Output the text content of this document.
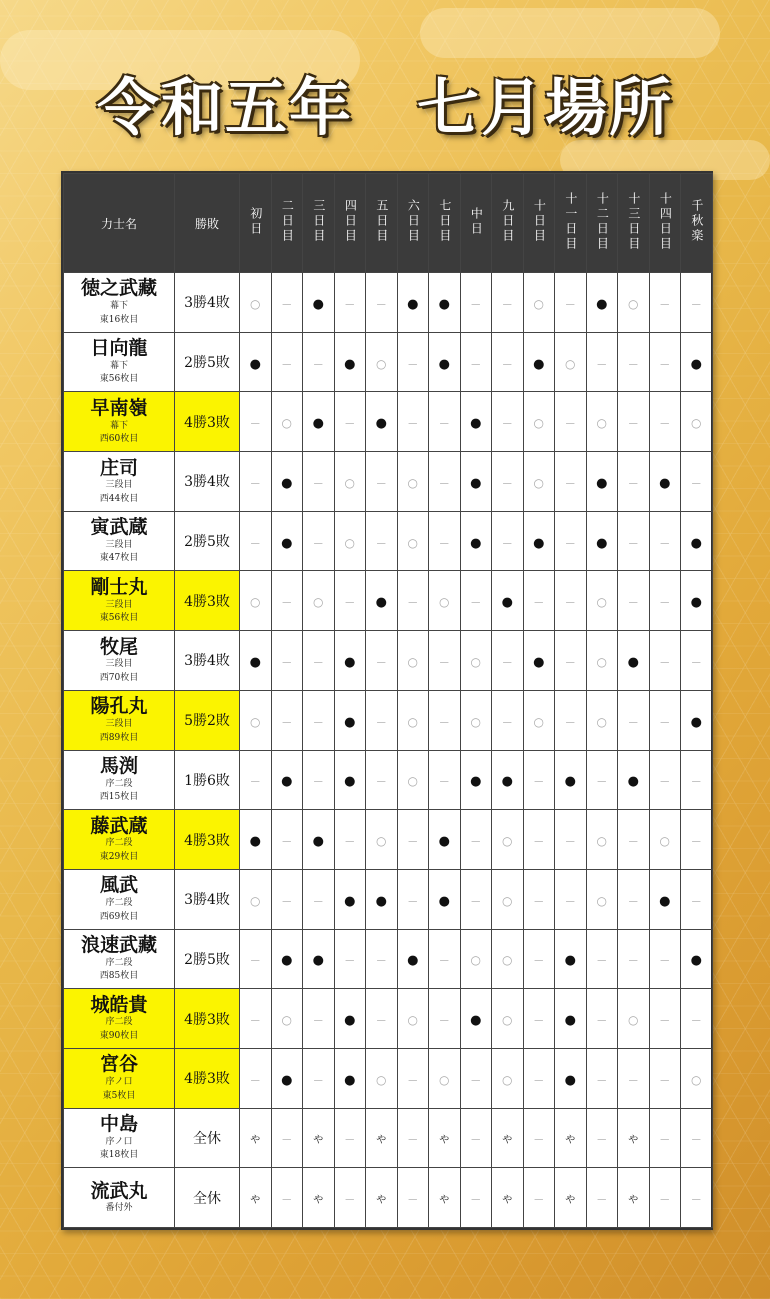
令和五年　七月場所
力士名	勝敗	初日	二日目	三日目	四日目	五日目	六日目	七日目	中日	九日目	十日目	十一日目	十二日目	十三日目	十四日目	千秋楽

徳之武藏
幕下
東16枚目	3勝4敗	○	－	●	－	－	●	●	－	－	○	－	●	○	－	－

日向龍
幕下
東56枚目	2勝5敗	●	－	－	●	○	－	●	－	－	●	○	－	－	－	●

早南嶺
幕下
西60枚目	4勝3敗	－	○	●	－	●	－	－	●	－	○	－	○	－	－	○

庄司
三段目
西44枚目	3勝4敗	－	●	－	○	－	○	－	●	－	○	－	●	－	●	－

寅武蔵
三段目
東47枚目	2勝5敗	－	●	－	○	－	○	－	●	－	●	－	●	－	－	●

剛士丸
三段目
東56枚目	4勝3敗	○	－	○	－	●	－	○	－	●	－	－	○	－	－	●

牧尾
三段目
西70枚目	3勝4敗	●	－	－	●	－	○	－	○	－	●	－	○	●	－	－

陽孔丸
三段目
西89枚目	5勝2敗	○	－	－	●	－	○	－	○	－	○	－	○	－	－	●

馬渕
序二段
西15枚目	1勝6敗	－	●	－	●	－	○	－	●	●	－	●	－	●	－	－

藤武蔵
序二段
東29枚目	4勝3敗	●	－	●	－	○	－	●	－	○	－	－	○	－	○	－

風武
序二段
西69枚目	3勝4敗	○	－	－	●	●	－	●	－	○	－	－	○	－	●	－

浪速武藏
序二段
西85枚目	2勝5敗	－	●	●	－	－	●	－	○	○	－	●	－	－	－	●

城皓貴
序二段
東90枚目	4勝3敗	－	○	－	●	－	○	－	●	○	－	●	－	○	－	－

宮谷
序ノ口
東5枚目	4勝3敗	－	●	－	●	○	－	○	－	○	－	●	－	－	－	○

中島
序ノ口
東18枚目	全休	や	－	や	－	や	－	や	－	や	－	や	－	や	－	－

流武丸
番付外	全休	や	－	や	－	や	－	や	－	や	－	や	－	や	－	－
